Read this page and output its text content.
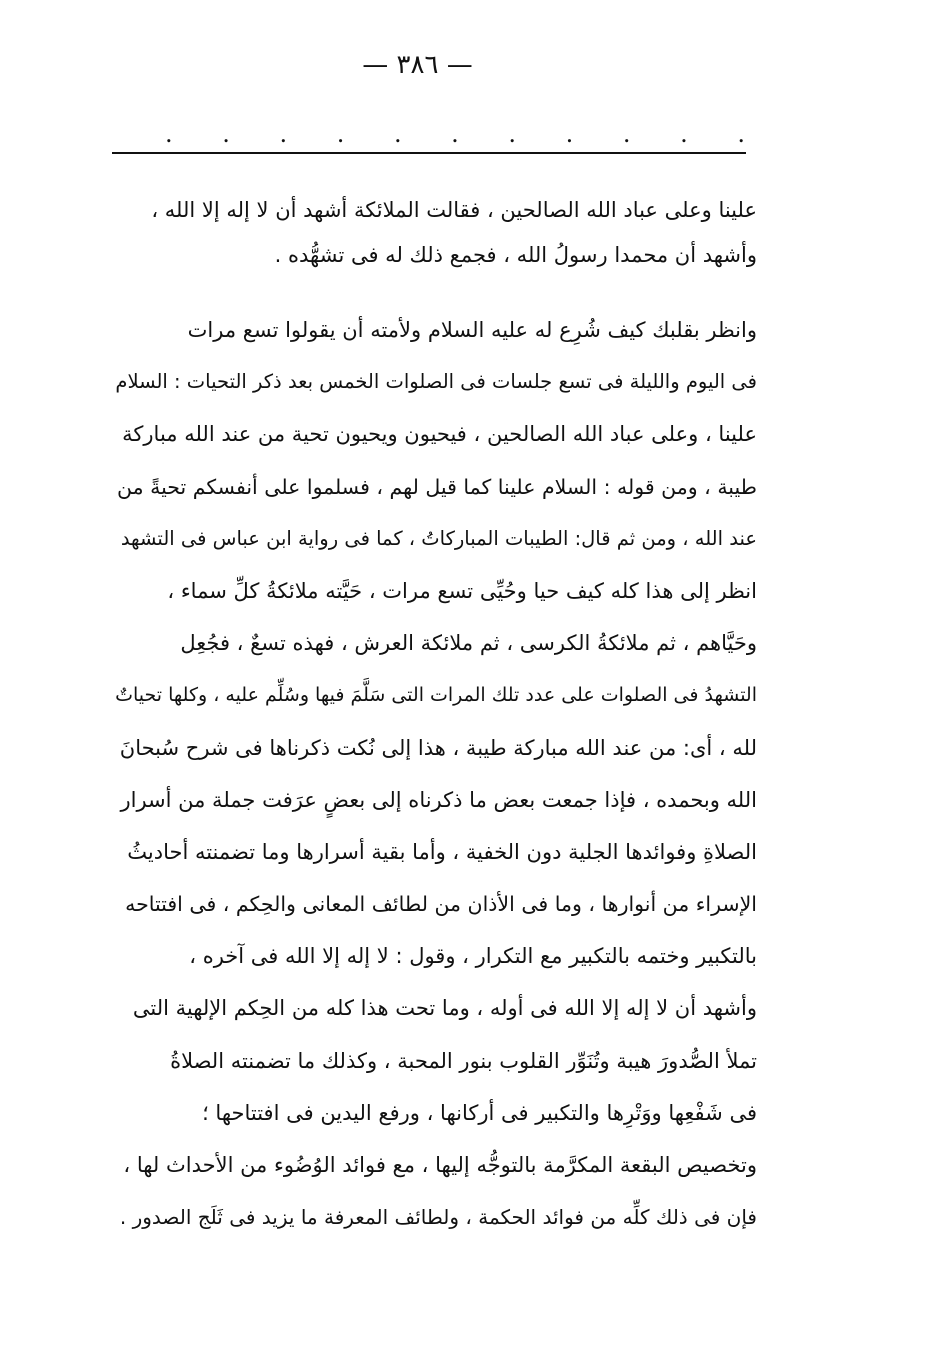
— ٣٨٦ —
. . . . . . . . . . .
علينا وعلى عباد الله الصالحين ، فقالت الملائكة أشهد أن لا إله إلا الله ،
وأشهد أن محمدا رسولُ الله ، فجمع ذلك له فى تشهُّده .
وانظر بقلبك كيف شُرِع له عليه السلام ولأمته أن يقولوا تسع مرات
فى اليوم والليلة فى تسع جلسات فى الصلوات الخمس بعد ذكر التحيات : السلام
علينا ، وعلى عباد الله الصالحين ، فيحيون ويحيون تحية من عند الله مباركة
طيبة ، ومن قوله : السلام علينا كما قيل لهم ، فسلموا على أنفسكم تحيةً من
عند الله ، ومن ثم قال: الطيبات المباركاتُ ، كما فى رواية ابن عباس فى التشهد
انظر إلى هذا كله كيف حيا وحُيِّى تسع مرات ، حَيَّته ملائكةُ كلِّ سماء ،
وحَيَّاهم ، ثم ملائكةُ الكرسى ، ثم ملائكة العرش ، فهذه تسعٌ ، فجُعِل
التشهدُ فى الصلوات على عدد تلك المرات التى سَلَّمَ فيها وسُلِّم عليه ، وكلها تحياتٌ
لله ، أى: من عند الله مباركة طيبة ، هذا إلى نُكت ذكرناها فى شرح سُبحانَ
الله وبحمده ، فإذا جمعت بعض ما ذكرناه إلى بعضٍ عرَفت جملة من أسرار
الصلاةِ وفوائدها الجلية دون الخفية ، وأما بقية أسرارها وما تضمنته أحاديثُ
الإسراء من أنوارها ، وما فى الأذان من لطائف المعانى والحِكم ، فى افتتاحه
بالتكبير وختمه بالتكبير مع التكرار ، وقول : لا إله إلا الله فى آخره ،
وأشهد أن لا إله إلا الله فى أوله ، وما تحت هذا كله من الحِكم الإلهية التى
تملأ الصُّدورَ هيبة وتُنَوِّر القلوب بنور المحبة ، وكذلك ما تضمنته الصلاةُ
فى شَفْعِها ووَتْرِها والتكبير فى أركانها ، ورفع اليدين فى افتتاحها ؛
وتخصيص البقعة المكرَّمة بالتوجُّه إليها ، مع فوائد الوُضُوء من الأحداث لها ،
فإن فى ذلك كلِّه من فوائد الحكمة ، ولطائف المعرفة ما يزيد فى ثَلَج الصدور .
